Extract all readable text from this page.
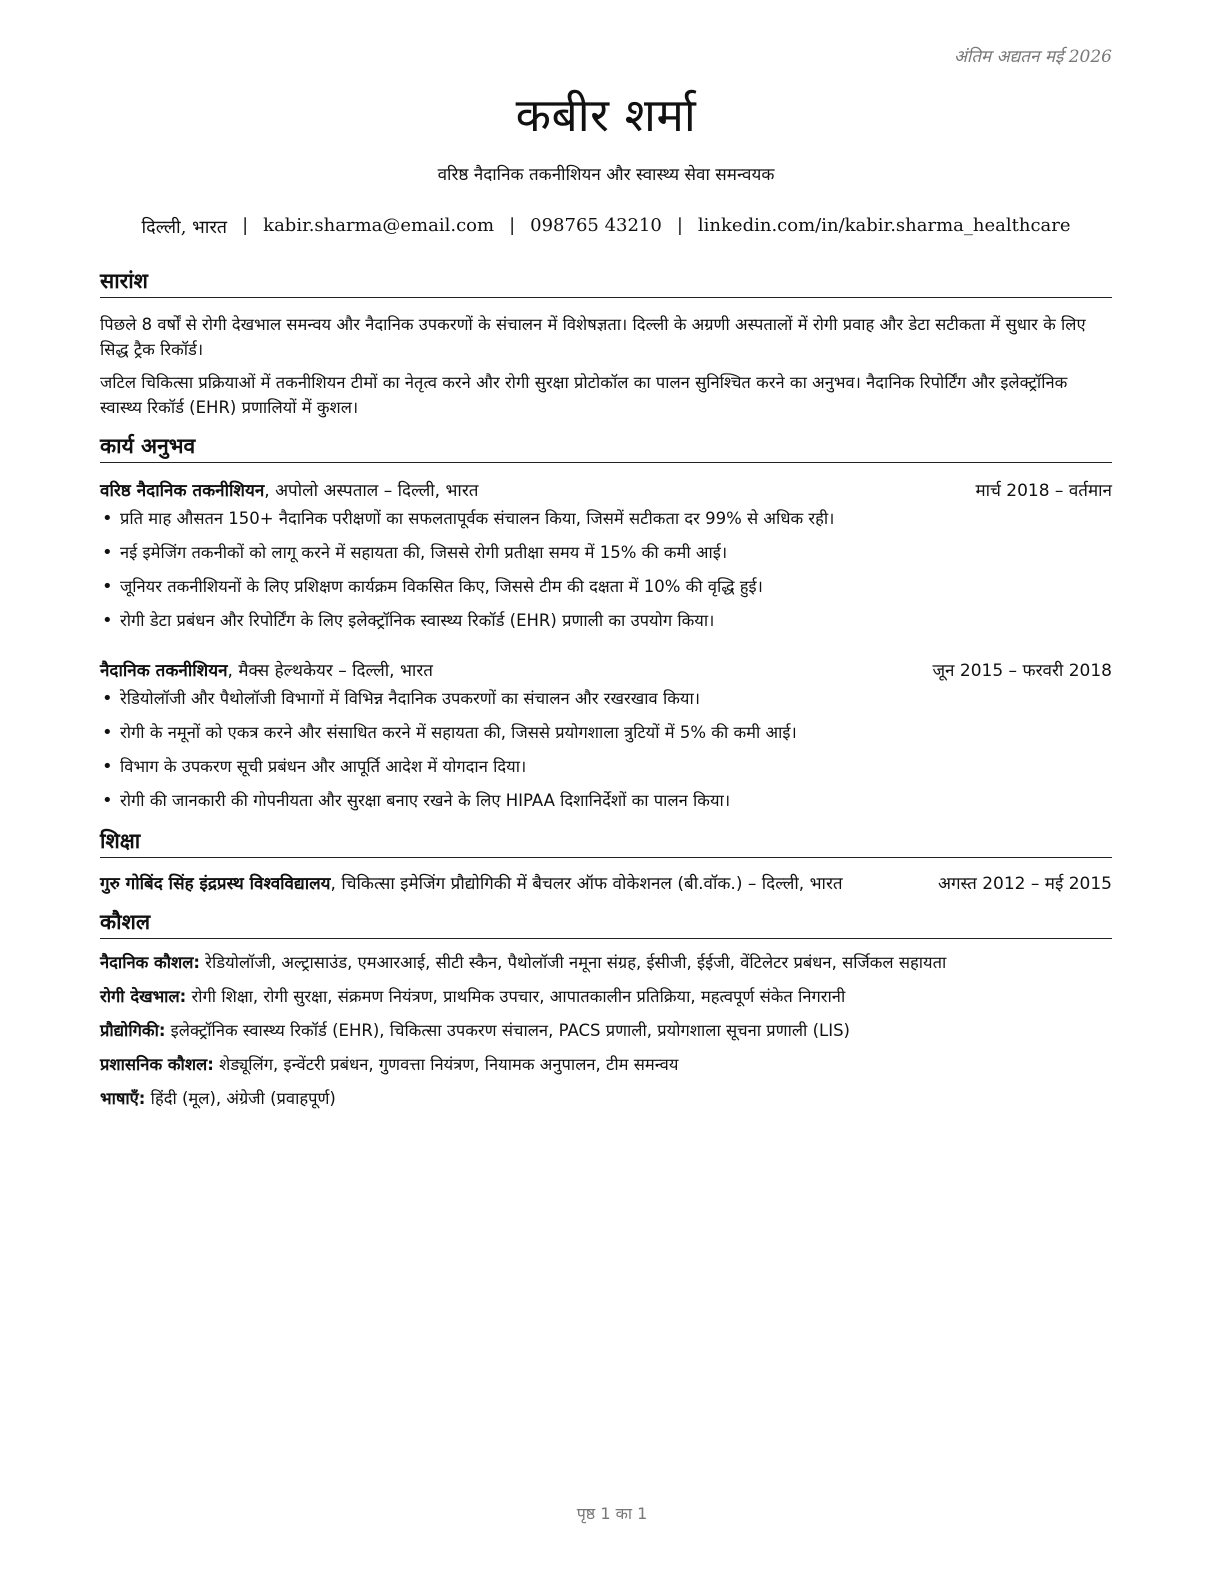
अंतिम अद्यतन मई 2026
कबीर शर्मा
वरिष्ठ नैदानिक तकनीशियन और स्वास्थ्य सेवा समन्वयक
दिल्ली, भारत | kabir.sharma@email.com | 098765 43210 | linkedin.com/in/kabir.sharma_healthcare
सारांश

पिछले 8 वर्षों से रोगी देखभाल समन्वय और नैदानिक उपकरणों के संचालन में विशेषज्ञता। दिल्ली के अग्रणी अस्पतालों में रोगी प्रवाह और डेटा सटीकता में सुधार के लिए सिद्ध ट्रैक रिकॉर्ड।

जटिल चिकित्सा प्रक्रियाओं में तकनीशियन टीमों का नेतृत्व करने और रोगी सुरक्षा प्रोटोकॉल का पालन सुनिश्चित करने का अनुभव। नैदानिक रिपोर्टिंग और इलेक्ट्रॉनिक स्वास्थ्य रिकॉर्ड (EHR) प्रणालियों में कुशल।

कार्य अनुभव
वरिष्ठ नैदानिक तकनीशियन, अपोलो अस्पताल – दिल्ली, भारत	मार्च 2018 – वर्तमान
• प्रति माह औसतन 150+ नैदानिक परीक्षणों का सफलतापूर्वक संचालन किया, जिसमें सटीकता दर 99% से अधिक रही।
• नई इमेजिंग तकनीकों को लागू करने में सहायता की, जिससे रोगी प्रतीक्षा समय में 15% की कमी आई।
• जूनियर तकनीशियनों के लिए प्रशिक्षण कार्यक्रम विकसित किए, जिससे टीम की दक्षता में 10% की वृद्धि हुई।
• रोगी डेटा प्रबंधन और रिपोर्टिंग के लिए इलेक्ट्रॉनिक स्वास्थ्य रिकॉर्ड (EHR) प्रणाली का उपयोग किया।
नैदानिक तकनीशियन, मैक्स हेल्थकेयर – दिल्ली, भारत	जून 2015 – फरवरी 2018
• रेडियोलॉजी और पैथोलॉजी विभागों में विभिन्न नैदानिक उपकरणों का संचालन और रखरखाव किया।
• रोगी के नमूनों को एकत्र करने और संसाधित करने में सहायता की, जिससे प्रयोगशाला त्रुटियों में 5% की कमी आई।
• विभाग के उपकरण सूची प्रबंधन और आपूर्ति आदेश में योगदान दिया।
• रोगी की जानकारी की गोपनीयता और सुरक्षा बनाए रखने के लिए HIPAA दिशानिर्देशों का पालन किया।
शिक्षा
गुरु गोबिंद सिंह इंद्रप्रस्थ विश्वविद्यालय, चिकित्सा इमेजिंग प्रौद्योगिकी में बैचलर ऑफ वोकेशनल (बी.वॉक.) – दिल्ली, भारत	अगस्त 2012 – मई 2015
कौशल
नैदानिक कौशल: रेडियोलॉजी, अल्ट्रासाउंड, एमआरआई, सीटी स्कैन, पैथोलॉजी नमूना संग्रह, ईसीजी, ईईजी, वेंटिलेटर प्रबंधन, सर्जिकल सहायता
रोगी देखभाल: रोगी शिक्षा, रोगी सुरक्षा, संक्रमण नियंत्रण, प्राथमिक उपचार, आपातकालीन प्रतिक्रिया, महत्वपूर्ण संकेत निगरानी
प्रौद्योगिकी: इलेक्ट्रॉनिक स्वास्थ्य रिकॉर्ड (EHR), चिकित्सा उपकरण संचालन, PACS प्रणाली, प्रयोगशाला सूचना प्रणाली (LIS)
प्रशासनिक कौशल: शेड्यूलिंग, इन्वेंटरी प्रबंधन, गुणवत्ता नियंत्रण, नियामक अनुपालन, टीम समन्वय
भाषाएँ: हिंदी (मूल), अंग्रेजी (प्रवाहपूर्ण)
पृष्ठ 1 का 1
